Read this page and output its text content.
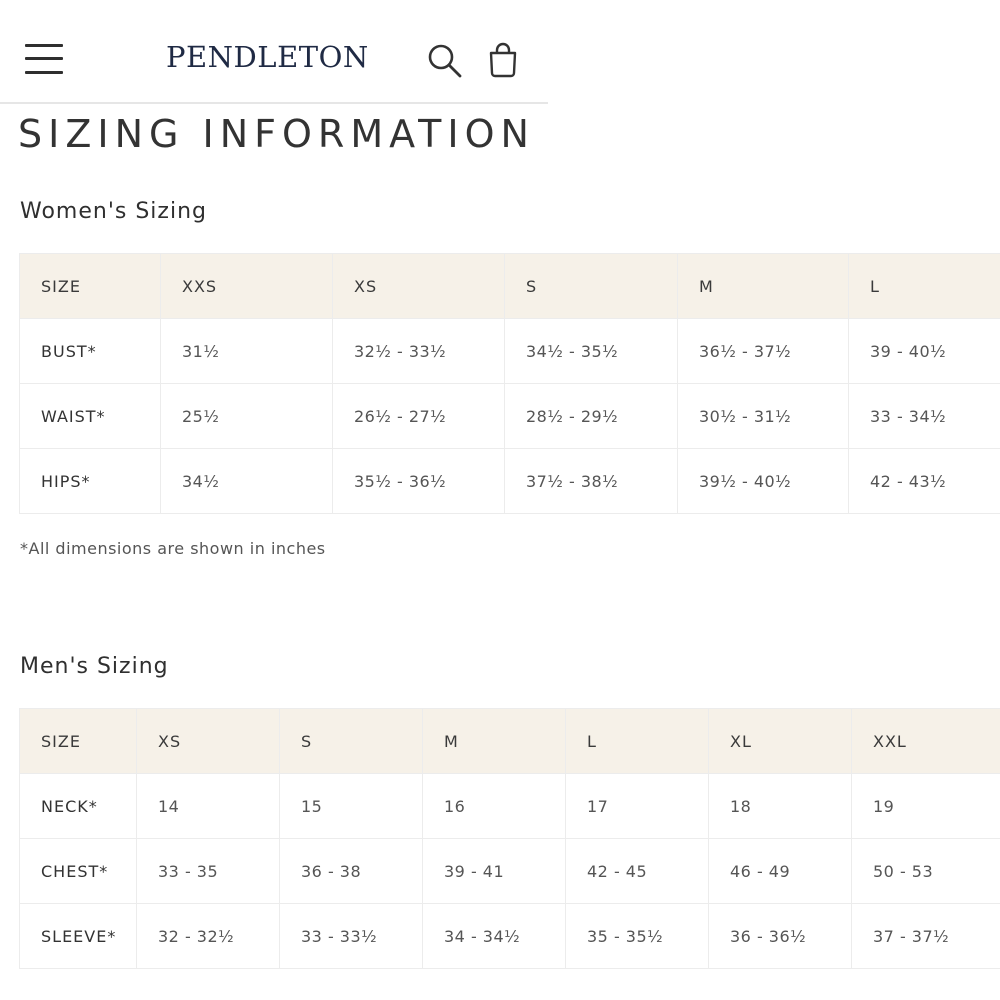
PENDLETON
SIZING INFORMATION
Women's Sizing
SIZE	XXS	XS	S	M	L
BUST*	31½	32½ - 33½	34½ - 35½	36½ - 37½	39 - 40½
WAIST*	25½	26½ - 27½	28½ - 29½	30½ - 31½	33 - 34½
HIPS*	34½	35½ - 36½	37½ - 38½	39½ - 40½	42 - 43½

*All dimensions are shown in inches

Men's Sizing
SIZE	XS	S	M	L	XL	XXL
NECK*	14	15	16	17	18	19
CHEST*	33 - 35	36 - 38	39 - 41	42 - 45	46 - 49	50 - 53
SLEEVE*	32 - 32½	33 - 33½	34 - 34½	35 - 35½	36 - 36½	37 - 37½
